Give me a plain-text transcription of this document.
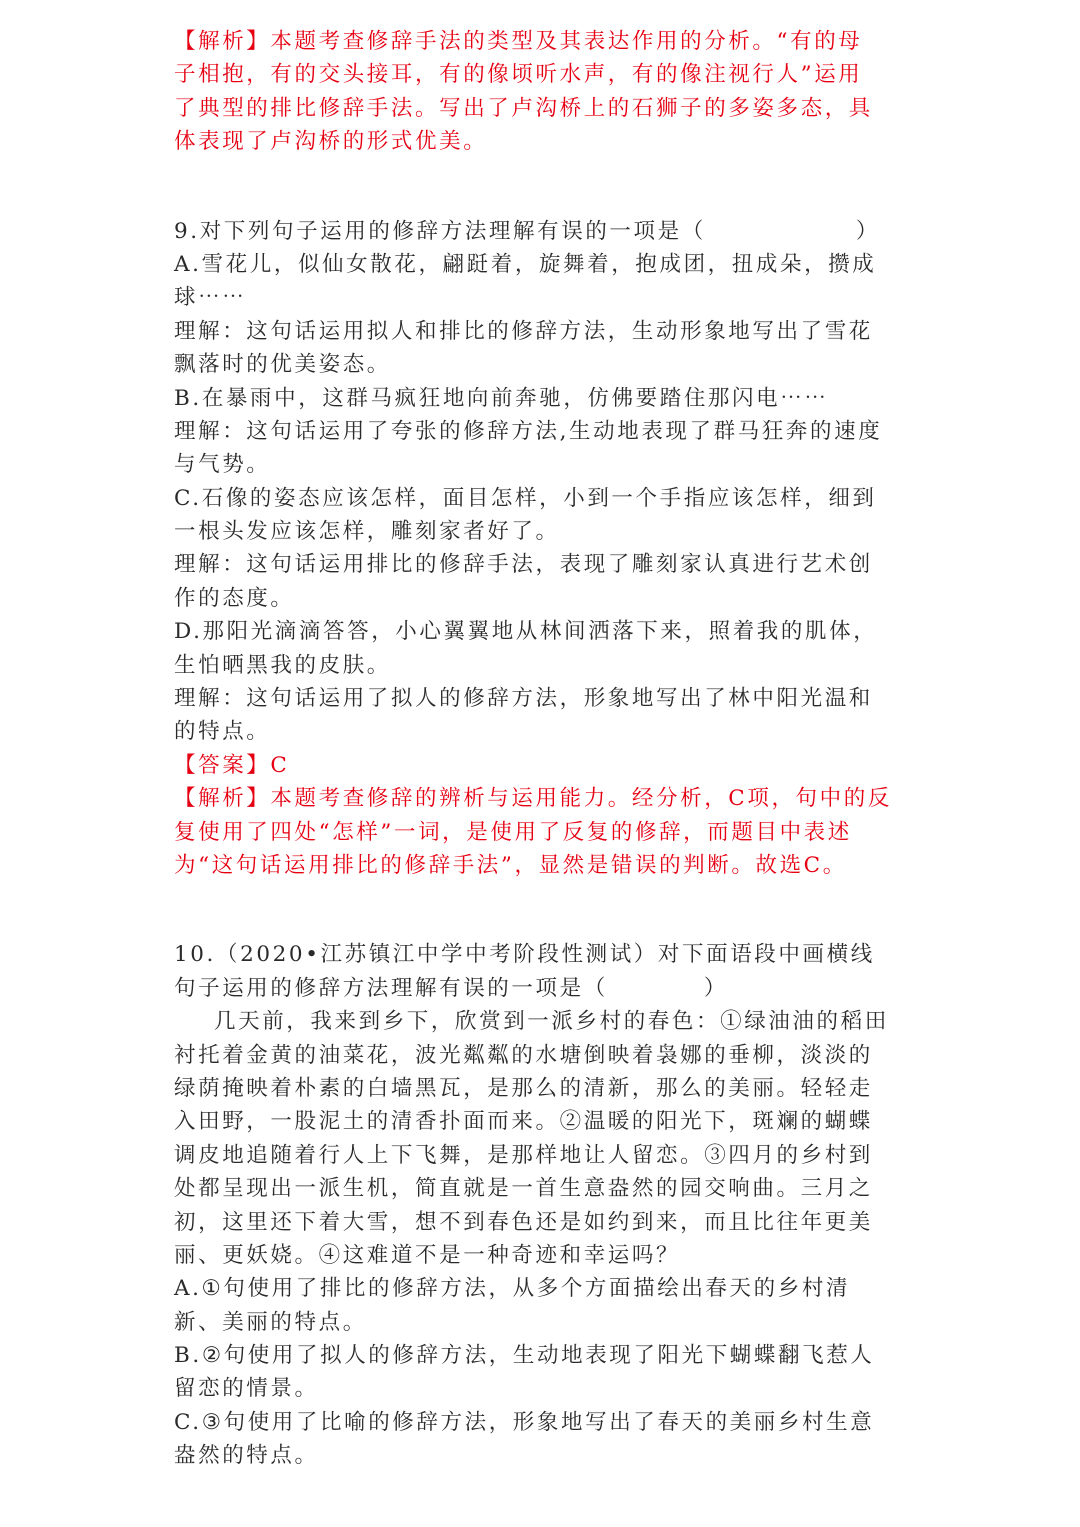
【解析】本题考查修辞手法的类型及其表达作用的分析。“有的母
子相抱，有的交头接耳，有的像顷听水声，有的像注视行人”运用
了典型的排比修辞手法。写出了卢沟桥上的石狮子的多姿多态，具
体表现了卢沟桥的形式优美。
9.对下列句子运用的修辞方法理解有误的一项是（	）
A.雪花儿，似仙女散花，翩跹着，旋舞着，抱成团，扭成朵，攒成
球⋯⋯
理解：这句话运用拟人和排比的修辞方法，生动形象地写出了雪花
飘落时的优美姿态。
B.在暴雨中，这群马疯狂地向前奔驰，仿佛要踏住那闪电⋯⋯
理解：这句话运用了夸张的修辞方法,生动地表现了群马狂奔的速度
与气势。
C.石像的姿态应该怎样，面目怎样，小到一个手指应该怎样，细到
一根头发应该怎样，雕刻家者好了。
理解：这句话运用排比的修辞手法，表现了雕刻家认真进行艺术创
作的态度。
D.那阳光滴滴答答，小心翼翼地从林间洒落下来，照着我的肌体，
生怕晒黑我的皮肤。
理解：这句话运用了拟人的修辞方法，形象地写出了林中阳光温和
的特点。
【答案】C
【解析】本题考查修辞的辨析与运用能力。经分析，C项，句中的反
复使用了四处“怎样”一词，是使用了反复的修辞，而题目中表述
为“这句话运用排比的修辞手法”，显然是错误的判断。故选C。
10.（2020•江苏镇江中学中考阶段性测试）对下面语段中画横线
句子运用的修辞方法理解有误的一项是（	）
几天前，我来到乡下，欣赏到一派乡村的春色：①绿油油的稻田
衬托着金黄的油菜花，波光粼粼的水塘倒映着袅娜的垂柳，淡淡的
绿荫掩映着朴素的白墙黑瓦，是那么的清新，那么的美丽。轻轻走
入田野，一股泥土的清香扑面而来。②温暖的阳光下，斑斓的蝴蝶
调皮地追随着行人上下飞舞，是那样地让人留恋。③四月的乡村到
处都呈现出一派生机，简直就是一首生意盎然的园交响曲。三月之
初，这里还下着大雪，想不到春色还是如约到来，而且比往年更美
丽、更妖娆。④这难道不是一种奇迹和幸运吗？
A.①句使用了排比的修辞方法，从多个方面描绘出春天的乡村清
新、美丽的特点。
B.②句使用了拟人的修辞方法，生动地表现了阳光下蝴蝶翻飞惹人
留恋的情景。
C.③句使用了比喻的修辞方法，形象地写出了春天的美丽乡村生意
盎然的特点。
